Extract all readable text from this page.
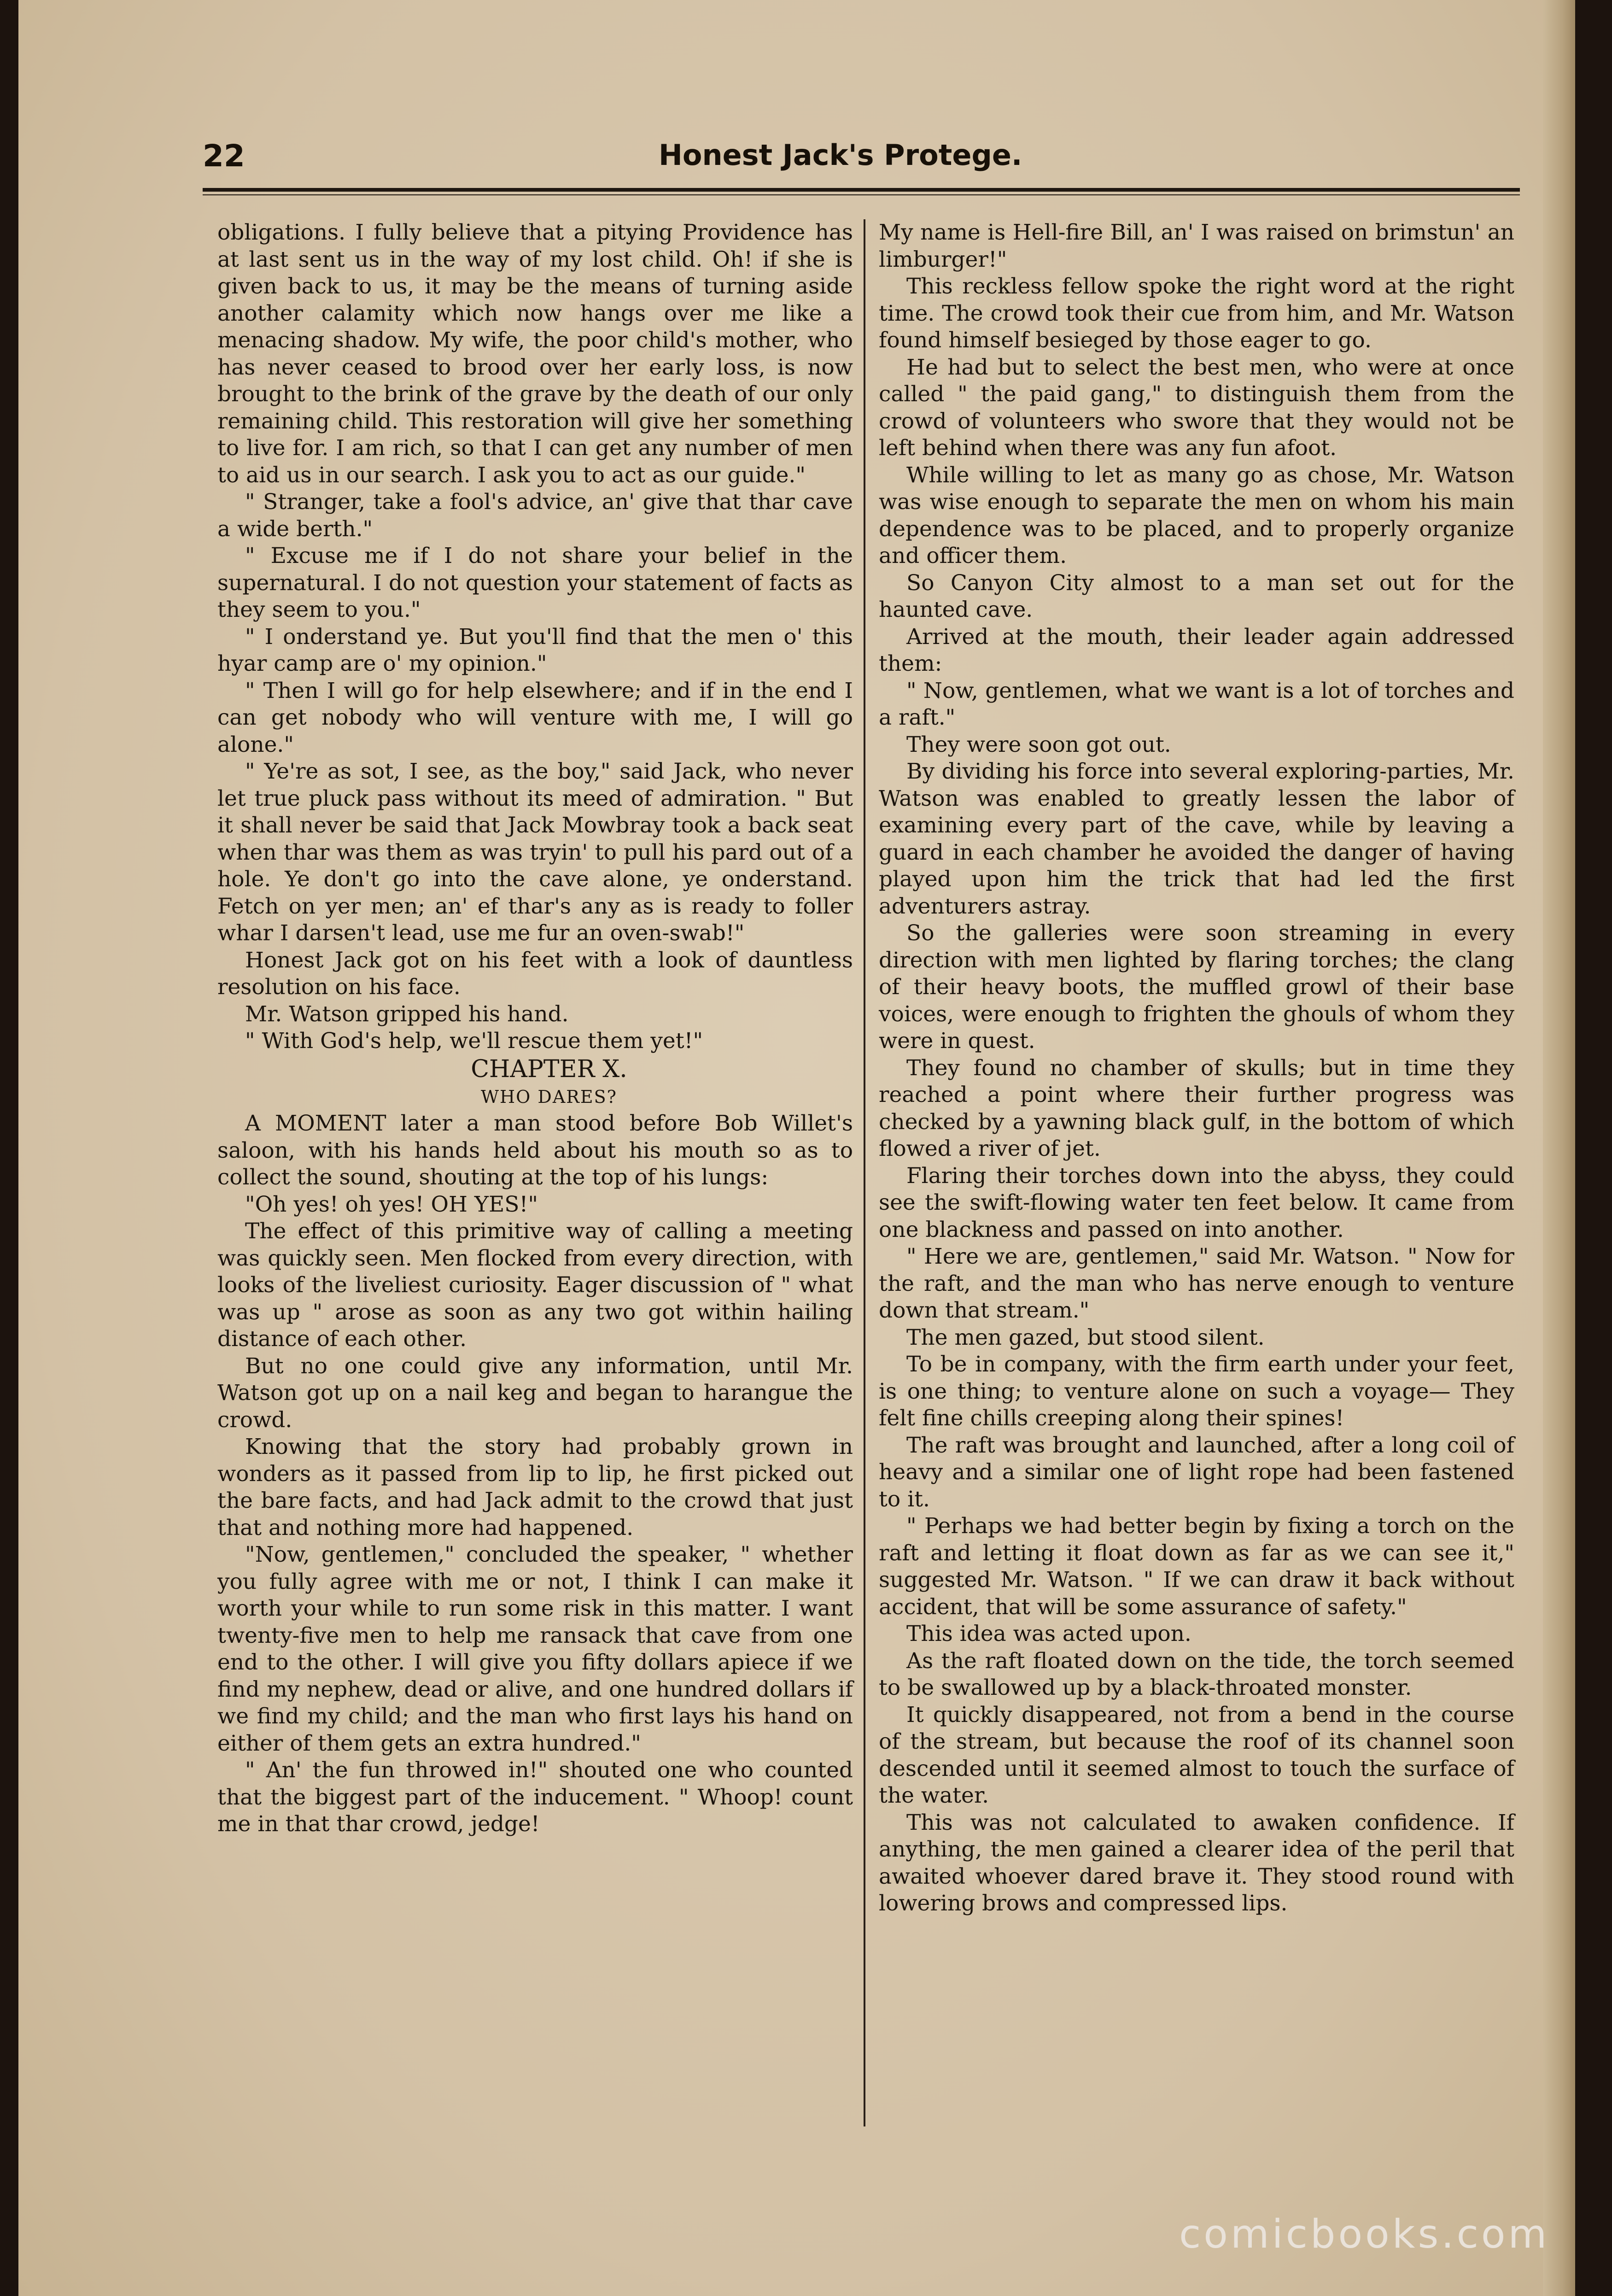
22	Honest Jack's Protege.

obligations. I fully believe that a pitying Providence has at last sent us in the way of my lost child. Oh! if she is given back to us, it may be the means of turning aside another calamity which now hangs over me like a menacing shadow. My wife, the poor child's mother, who has never ceased to brood over her early loss, is now brought to the brink of the grave by the death of our only remaining child. This restoration will give her something to live for. I am rich, so that I can get any number of men to aid us in our search. I ask you to act as our guide."

" Stranger, take a fool's advice, an' give that thar cave a wide berth."

" Excuse me if I do not share your belief in the supernatural. I do not question your statement of facts as they seem to you."

" I onderstand ye. But you'll find that the men o' this hyar camp are o' my opinion."

" Then I will go for help elsewhere; and if in the end I can get nobody who will venture with me, I will go alone."

" Ye're as sot, I see, as the boy," said Jack, who never let true pluck pass without its meed of admiration. " But it shall never be said that Jack Mowbray took a back seat when thar was them as was tryin' to pull his pard out of a hole. Ye don't go into the cave alone, ye onderstand. Fetch on yer men; an' ef thar's any as is ready to foller whar I darsen't lead, use me fur an oven-swab!"

Honest Jack got on his feet with a look of dauntless resolution on his face.

Mr. Watson gripped his hand.

" With God's help, we'll rescue them yet!"

CHAPTER X.

WHO DARES?

A MOMENT later a man stood before Bob Willet's saloon, with his hands held about his mouth so as to collect the sound, shouting at the top of his lungs:

"Oh yes! oh yes! OH YES!"

The effect of this primitive way of calling a meeting was quickly seen. Men flocked from every direction, with looks of the liveliest curiosity. Eager discussion of " what was up " arose as soon as any two got within hailing distance of each other.

But no one could give any information, until Mr. Watson got up on a nail keg and began to harangue the crowd.

Knowing that the story had probably grown in wonders as it passed from lip to lip, he first picked out the bare facts, and had Jack admit to the crowd that just that and nothing more had happened.

"Now, gentlemen," concluded the speaker, " whether you fully agree with me or not, I think I can make it worth your while to run some risk in this matter. I want twenty-five men to help me ransack that cave from one end to the other. I will give you fifty dollars apiece if we find my nephew, dead or alive, and one hundred dollars if we find my child; and the man who first lays his hand on either of them gets an extra hundred."

" An' the fun throwed in!" shouted one who counted that the biggest part of the inducement. " Whoop! count me in that thar crowd, jedge!

My name is Hell-fire Bill, an' I was raised on brimstun' an limburger!"

This reckless fellow spoke the right word at the right time. The crowd took their cue from him, and Mr. Watson found himself besieged by those eager to go.

He had but to select the best men, who were at once called " the paid gang," to distinguish them from the crowd of volunteers who swore that they would not be left behind when there was any fun afoot.

While willing to let as many go as chose, Mr. Watson was wise enough to separate the men on whom his main dependence was to be placed, and to properly organize and officer them.

So Canyon City almost to a man set out for the haunted cave.

Arrived at the mouth, their leader again addressed them:

" Now, gentlemen, what we want is a lot of torches and a raft."

They were soon got out.

By dividing his force into several exploring-parties, Mr. Watson was enabled to greatly lessen the labor of examining every part of the cave, while by leaving a guard in each chamber he avoided the danger of having played upon him the trick that had led the first adventurers astray.

So the galleries were soon streaming in every direction with men lighted by flaring torches; the clang of their heavy boots, the muffled growl of their base voices, were enough to frighten the ghouls of whom they were in quest.

They found no chamber of skulls; but in time they reached a point where their further progress was checked by a yawning black gulf, in the bottom of which flowed a river of jet.

Flaring their torches down into the abyss, they could see the swift-flowing water ten feet below. It came from one blackness and passed on into another.

" Here we are, gentlemen," said Mr. Watson. " Now for the raft, and the man who has nerve enough to venture down that stream."

The men gazed, but stood silent.

To be in company, with the firm earth under your feet, is one thing; to venture alone on such a voyage— They felt fine chills creeping along their spines!

The raft was brought and launched, after a long coil of heavy and a similar one of light rope had been fastened to it.

" Perhaps we had better begin by fixing a torch on the raft and letting it float down as far as we can see it," suggested Mr. Watson. " If we can draw it back without accident, that will be some assurance of safety."

This idea was acted upon.

As the raft floated down on the tide, the torch seemed to be swallowed up by a black-throated monster.

It quickly disappeared, not from a bend in the course of the stream, but because the roof of its channel soon descended until it seemed almost to touch the surface of the water.

This was not calculated to awaken confidence. If anything, the men gained a clearer idea of the peril that awaited whoever dared brave it. They stood round with lowering brows and compressed lips.

comicbooks.com
